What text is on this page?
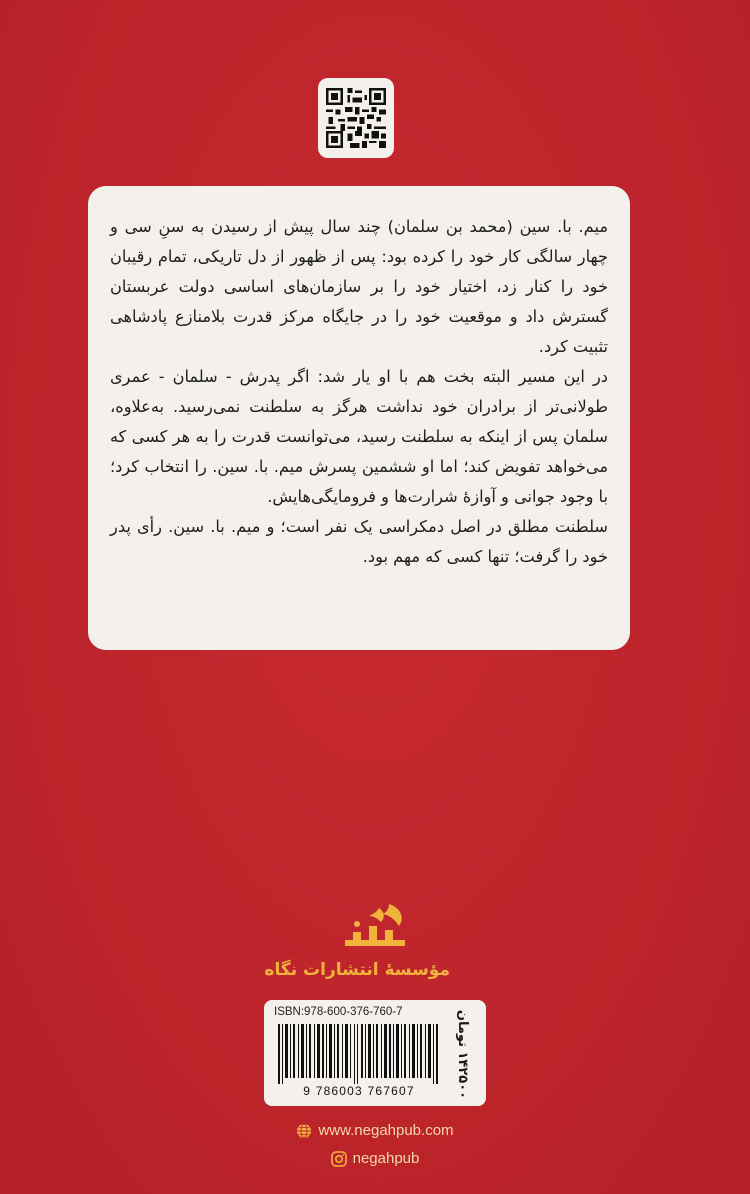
میم. با. سین (محمد بن سلمان) چند سال پیش از رسیدن به سنِ سی و چهار سالگی کار خود را کرده بود: پس از ظهور از دل تاریکی، تمام رقیبان خود را کنار زد، اختیار خود را بر سازمان‌های اساسی دولت عربستان گسترش داد و موقعیت خود را در جایگاه مرکز قدرت بلامنازع پادشاهی تثبیت کرد.

در این مسیر البته بخت هم با او یار شد: اگر پدرش - سلمان - عمری طولانی‌تر از برادران خود نداشت هرگز به سلطنت نمی‌رسید. به‌علاوه، سلمان پس از اینکه به سلطنت رسید، می‌توانست قدرت را به هر کسی که می‌خواهد تفویض کند؛ اما او ششمین پسرش میم. با. سین. را انتخاب کرد؛ با وجود جوانی و آوازهٔ شرارت‌ها و فرومایگی‌هایش.

سلطنت مطلق در اصل دمکراسی یک نفر است؛ و میم. با. سین. رأی پدر خود را گرفت؛ تنها کسی که مهم بود.

مؤسسهٔ انتشارات نگاه
ISBN:978-600-376-760-7
9 786003 767607
۱۴۲۵۰۰ تومان
www.negahpub.com
negahpub
